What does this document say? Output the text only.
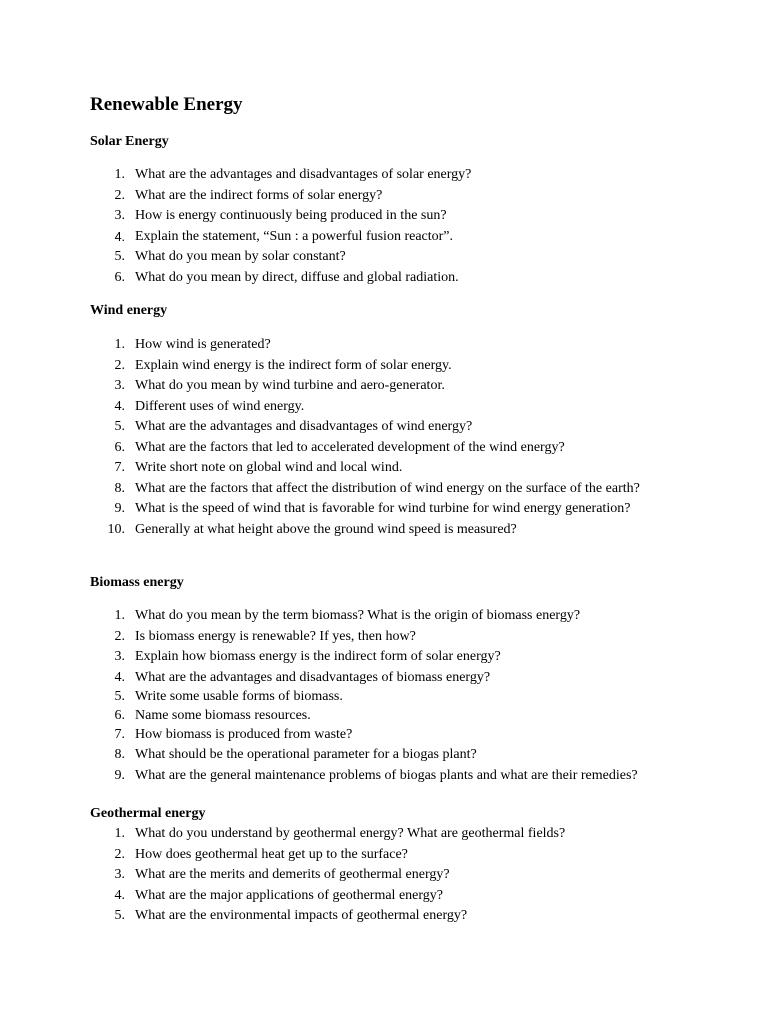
Renewable Energy
Solar Energy
1. What are the advantages and disadvantages of solar energy?
2. What are the indirect forms of solar energy?
3. How is energy continuously being produced in the sun?
4. Explain the statement, “Sun : a powerful fusion reactor”.
5. What do you mean by solar constant?
6. What do you mean by direct, diffuse and global radiation.
Wind energy
1. How wind is generated?
2. Explain wind energy is the indirect form of solar energy.
3. What do you mean by wind turbine and aero-generator.
4. Different uses of wind energy.
5. What are the advantages and disadvantages of wind energy?
6. What are the factors that led to accelerated development of the wind energy?
7. Write short note on global wind and local wind.
8. What are the factors that affect the distribution of wind energy on the surface of the earth?
9. What is the speed of wind that is favorable for wind turbine for wind energy generation?
10. Generally at what height above the ground wind speed is measured?
Biomass energy
1. What do you mean by the term biomass? What is the origin of biomass energy?
2. Is biomass energy is renewable? If yes, then how?
3. Explain how biomass energy is the indirect form of solar energy?
4. What are the advantages and disadvantages of biomass energy?
5. Write some usable forms of biomass.
6. Name some biomass resources.
7. How biomass is produced from waste?
8. What should be the operational parameter for a biogas plant?
9. What are the general maintenance problems of biogas plants and what are their remedies?
Geothermal energy
1. What do you understand by geothermal energy? What are geothermal fields?
2. How does geothermal heat get up to the surface?
3. What are the merits and demerits of geothermal energy?
4. What are the major applications of geothermal energy?
5. What are the environmental impacts of geothermal energy?
